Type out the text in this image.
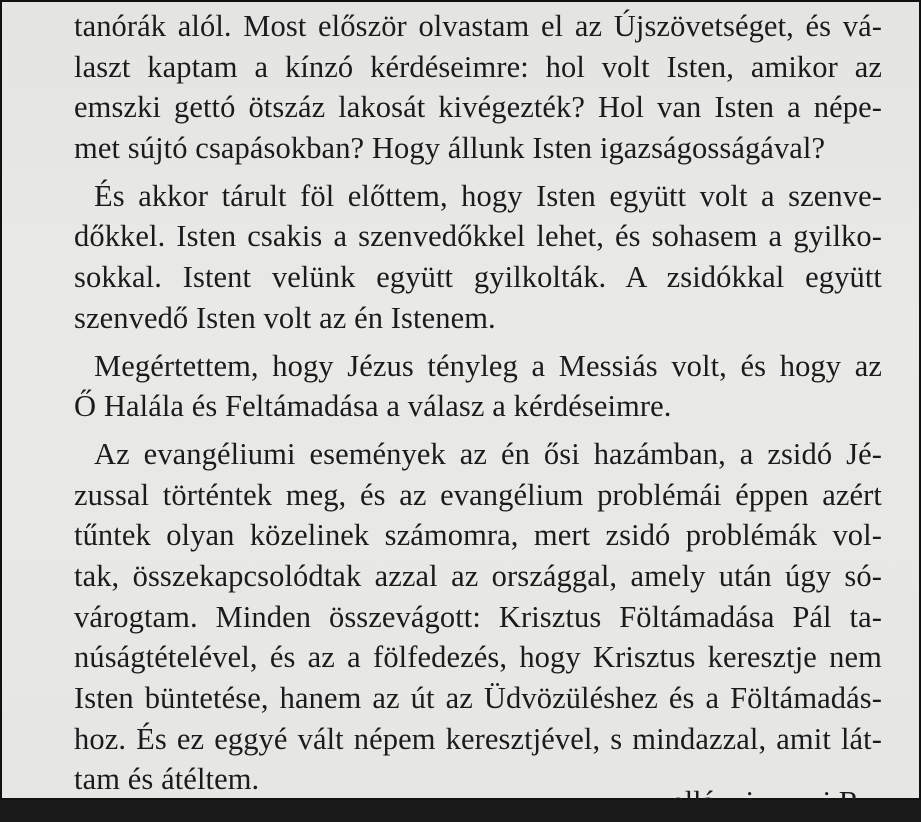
tanórák alól. Most először olvastam el az Újszövetséget, és vá-
laszt kaptam a kínzó kérdéseimre: hol volt Isten, amikor az
emszki gettó ötszáz lakosát kivégezték? Hol van Isten a népe-
met sújtó csapásokban? Hogy állunk Isten igazságosságával?
És akkor tárult föl előttem, hogy Isten együtt volt a szenve-
dőkkel. Isten csakis a szenvedőkkel lehet, és sohasem a gyilko-
sokkal. Istent velünk együtt gyilkolták. A zsidókkal együtt
szenvedő Isten volt az én Istenem.
Megértettem, hogy Jézus tényleg a Messiás volt, és hogy az
Ő Halála és Feltámadása a válasz a kérdéseimre.
Az evangéliumi események az én ősi hazámban, a zsidó Jé-
zussal történtek meg, és az evangélium problémái éppen azért
tűntek olyan közelinek számomra, mert zsidó problémák vol-
tak, összekapcsolódtak azzal az országgal, amely után úgy só-
várogtam. Minden összevágott: Krisztus Föltámadása Pál ta-
núságtételével, és az a fölfedezés, hogy Krisztus keresztje nem
Isten büntetése, hanem az út az Üdvözüléshez és a Föltámadás-
hoz. És ez eggyé vált népem keresztjével, s mindazzal, amit lát-
tam és átéltem.
... ellá... i ... ... i R...
